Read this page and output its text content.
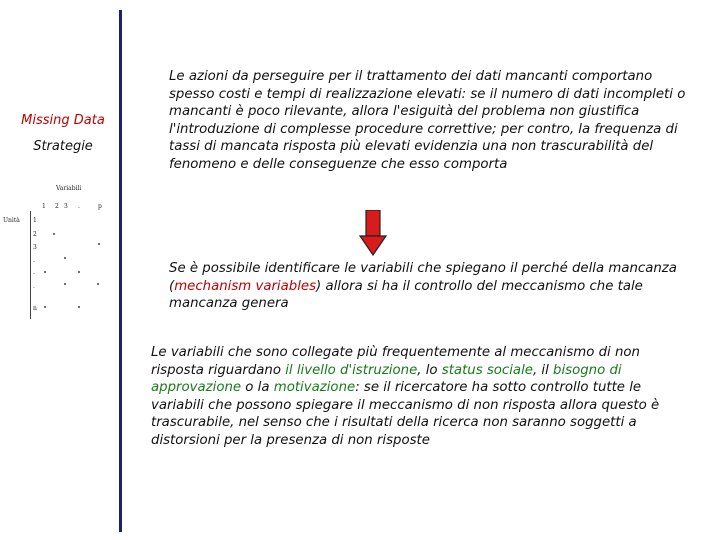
Missing Data
Strategie
Variabili
1 2 3 .	p
Unità 1
2
3
.
.
.
n
Le azioni da perseguire per il trattamento dei dati mancanti comportano spesso costi e tempi di realizzazione elevati: se il numero di dati incompleti o mancanti è poco rilevante, allora l'esiguità del problema non giustifica l'introduzione di complesse procedure correttive; per contro, la frequenza di tassi di mancata risposta più elevati evidenzia una non trascurabilità del fenomeno e delle conseguenze che esso comporta
Se è possibile identificare le variabili che spiegano il perché della mancanza (mechanism variables) allora si ha il controllo del meccanismo che tale mancanza genera
Le variabili che sono collegate più frequentemente al meccanismo di non risposta riguardano il livello d'istruzione, lo status sociale, il bisogno di approvazione o la motivazione: se il ricercatore ha sotto controllo tutte le variabili che possono spiegare il meccanismo di non risposta allora questo è trascurabile, nel senso che i risultati della ricerca non saranno soggetti a distorsioni per la presenza di non risposte
